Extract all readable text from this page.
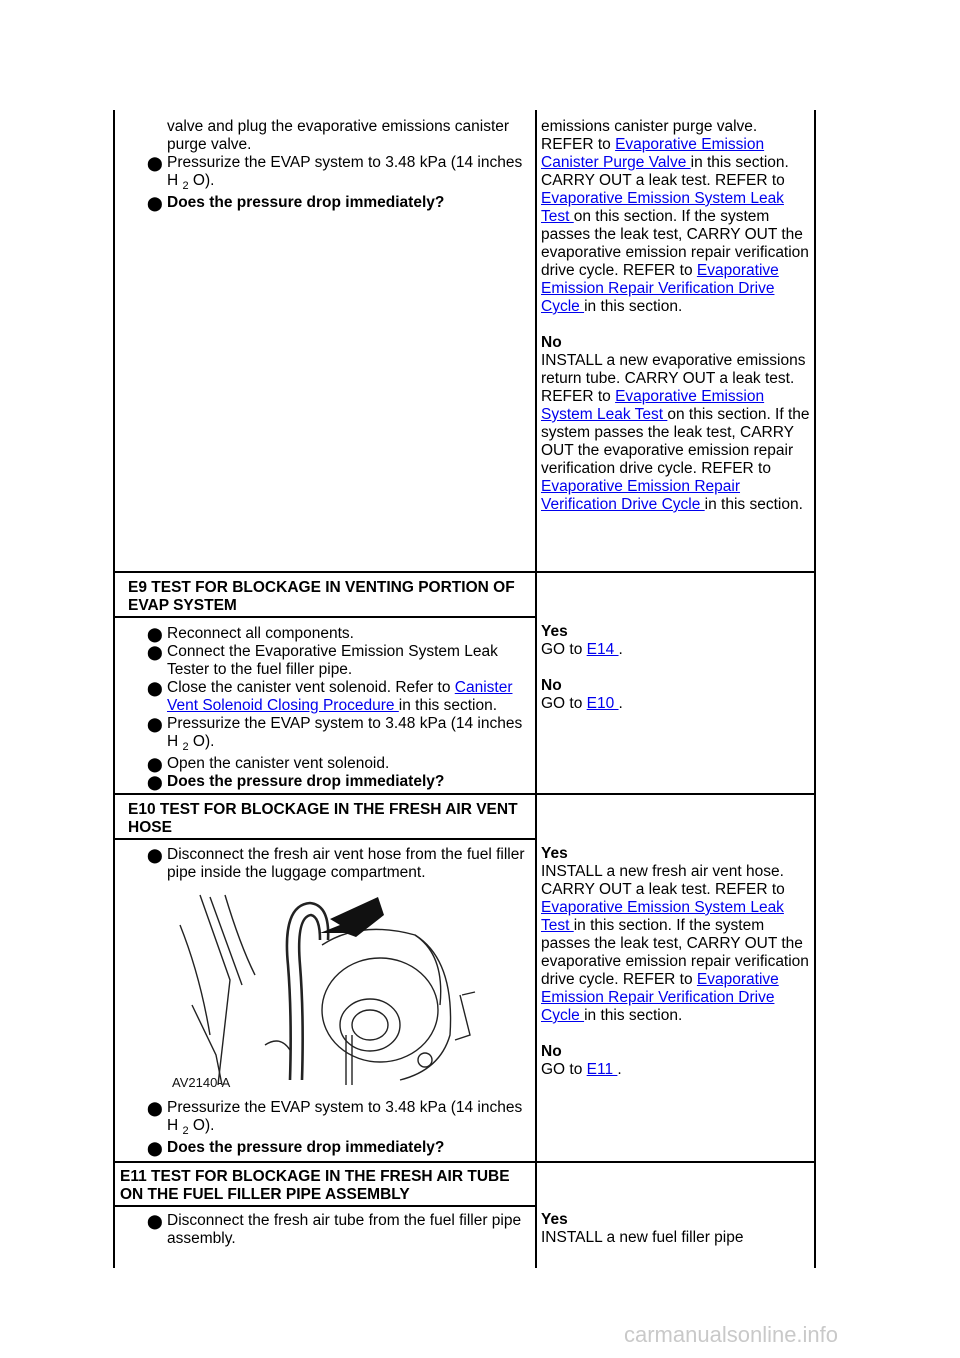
valve and plug the evaporative emissions canister purge valve.
⬤ Pressurize the EVAP system to 3.48 kPa (14 inches H $_2$ O).
⬤ Does the pressure drop immediately?
emissions canister purge valve. REFER to Evaporative Emission Canister Purge Valve in this section. CARRY OUT a leak test. REFER to Evaporative Emission System Leak Test on this section. If the system passes the leak test, CARRY OUT the evaporative emission repair verification drive cycle. REFER to Evaporative Emission Repair Verification Drive Cycle in this section.
No
INSTALL a new evaporative emissions return tube. CARRY OUT a leak test. REFER to Evaporative Emission System Leak Test on this section. If the system passes the leak test, CARRY OUT the evaporative emission repair verification drive cycle. REFER to Evaporative Emission Repair Verification Drive Cycle in this section.
E9 TEST FOR BLOCKAGE IN VENTING PORTION OF EVAP SYSTEM
⬤ Reconnect all components.
⬤ Connect the Evaporative Emission System Leak Tester to the fuel filler pipe.
⬤ Close the canister vent solenoid. Refer to Canister Vent Solenoid Closing Procedure in this section.
⬤ Pressurize the EVAP system to 3.48 kPa (14 inches H $_2$ O).
⬤ Open the canister vent solenoid.
⬤ Does the pressure drop immediately?
Yes
GO to E14 .
No
GO to E10 .
E10 TEST FOR BLOCKAGE IN THE FRESH AIR VENT HOSE
⬤ Disconnect the fresh air vent hose from the fuel filler pipe inside the luggage compartment.
AV2140-A
⬤ Pressurize the EVAP system to 3.48 kPa (14 inches H $_2$ O).
⬤ Does the pressure drop immediately?
Yes
INSTALL a new fresh air vent hose. CARRY OUT a leak test. REFER to Evaporative Emission System Leak Test in this section. If the system passes the leak test, CARRY OUT the evaporative emission repair verification drive cycle. REFER to Evaporative Emission Repair Verification Drive Cycle in this section.
No
GO to E11 .
E11 TEST FOR BLOCKAGE IN THE FRESH AIR TUBE ON THE FUEL FILLER PIPE ASSEMBLY
⬤ Disconnect the fresh air tube from the fuel filler pipe assembly.
Yes
INSTALL a new fuel filler pipe
carmanualsonline.info
